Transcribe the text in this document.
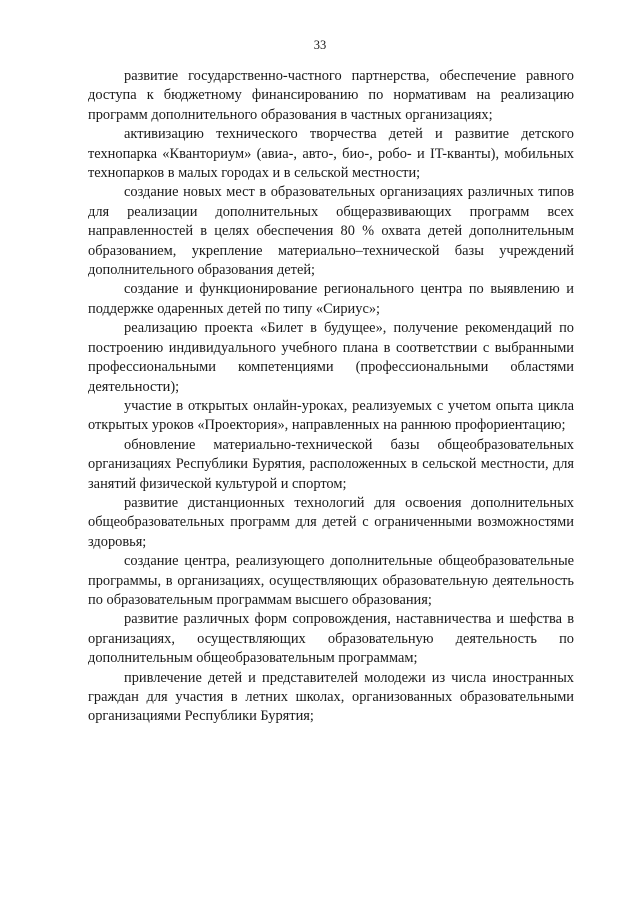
33

развитие государственно-частного партнерства, обеспечение равного доступа к бюджетному финансированию по нормативам на реализацию программ дополнительного образования в частных организациях;

активизацию технического творчества детей и развитие детского технопарка «Кванториум» (авиа-, авто-, био-, робо- и IT-кванты), мобильных технопарков в малых городах и в сельской местности;

создание новых мест в образовательных организациях различных типов для реализации дополнительных общеразвивающих программ всех направленностей в целях обеспечения 80 % охвата детей дополнительным образованием, укрепление материально–технической базы учреждений дополнительного образования детей;

создание и функционирование регионального центра по выявлению и поддержке одаренных детей по типу «Сириус»;

реализацию проекта «Билет в будущее», получение рекомендаций по построению индивидуального учебного плана в соответствии с выбранными профессиональными компетенциями (профессиональными областями деятельности);

участие в открытых онлайн-уроках, реализуемых с учетом опыта цикла открытых уроков «Проектория», направленных на раннюю профориентацию;

обновление материально-технической базы общеобразовательных организациях Республики Бурятия, расположенных в сельской местности, для занятий физической культурой и спортом;

развитие дистанционных технологий для освоения дополнительных общеобразовательных программ для детей с ограниченными возможностями здоровья;

создание центра, реализующего дополнительные общеобразовательные программы, в организациях, осуществляющих образовательную деятельность по образовательным программам высшего образования;

развитие различных форм сопровождения, наставничества и шефства в организациях, осуществляющих образовательную деятельность по дополнительным общеобразовательным программам;

привлечение детей и представителей молодежи из числа иностранных граждан для участия в летних школах, организованных образовательными организациями Республики Бурятия;
